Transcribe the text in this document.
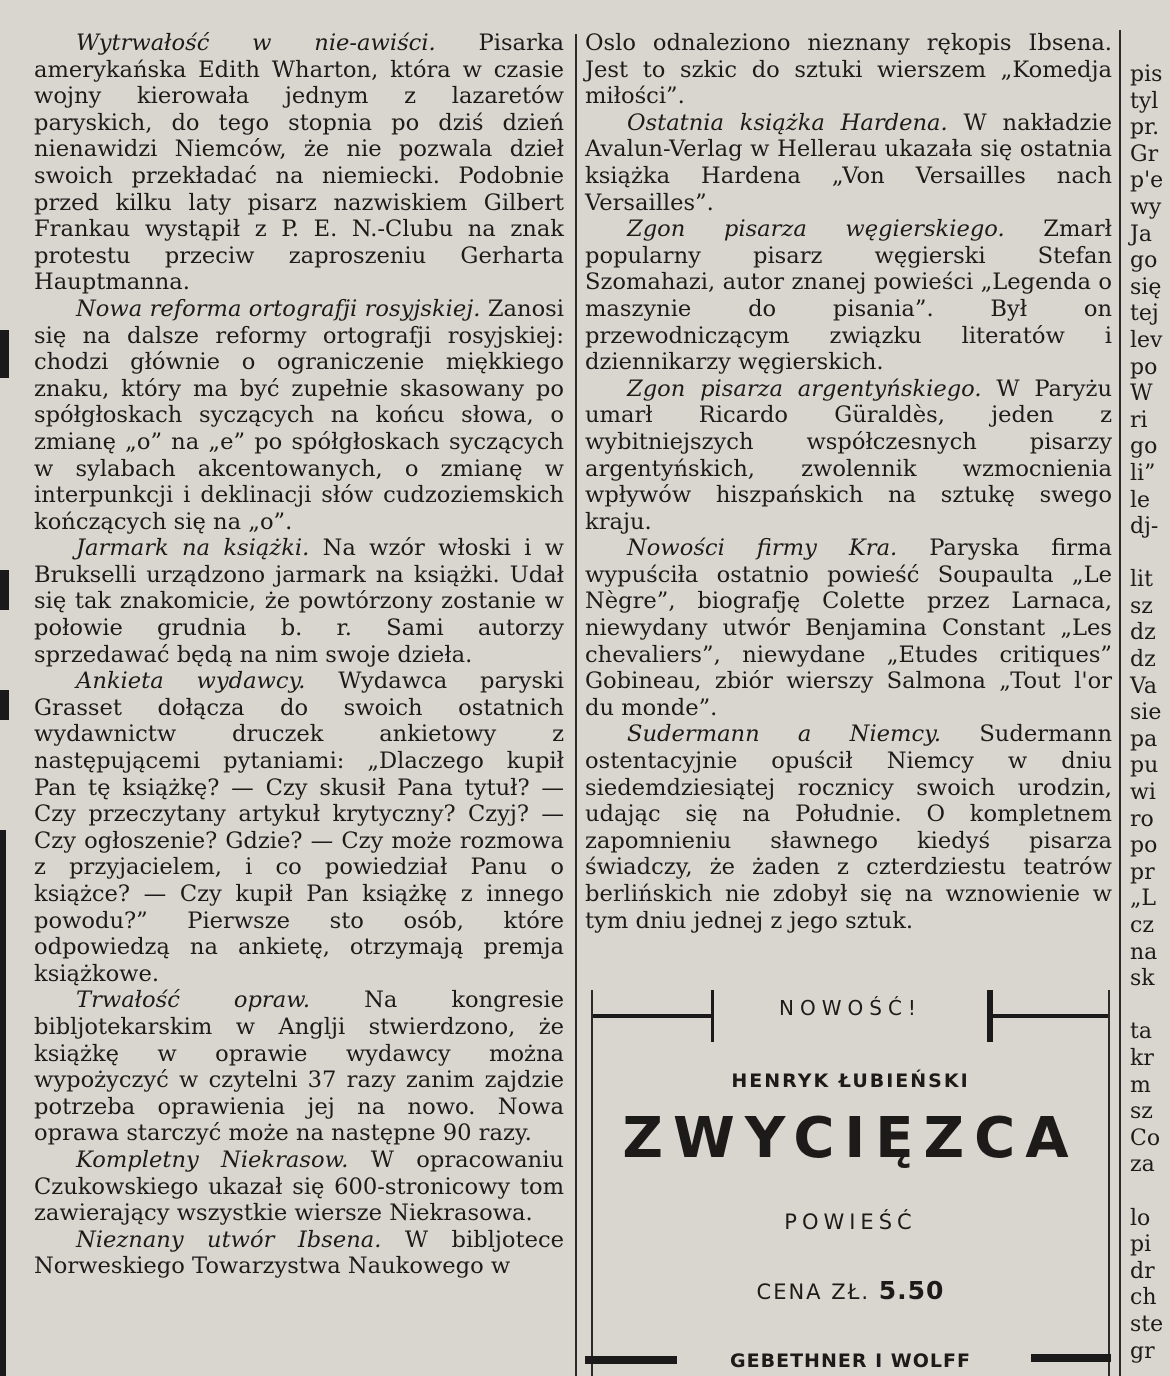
Wytrwałość w nie-awiści. Pisarka amerykańska Edith Wharton, która w czasie wojny kierowała jednym z lazaretów paryskich, do tego stopnia po dziś dzień nienawidzi Niemców, że nie pozwala dzieł swoich przekładać na niemiecki. Podobnie przed kilku laty pisarz nazwiskiem Gilbert Frankau wystąpił z P. E. N.-Clubu na znak protestu przeciw zaproszeniu Gerharta Hauptmanna.

Nowa reforma ortografji rosyjskiej. Zanosi się na dalsze reformy ortografji rosyjskiej: chodzi głównie o ograniczenie miękkiego znaku, który ma być zupełnie skasowany po spółgłoskach syczących na końcu słowa, o zmianę „o” na „e” po spółgłoskach syczących w sylabach akcentowanych, o zmianę w interpunkcji i deklinacji słów cudzoziemskich kończących się na „o”.

Jarmark na książki. Na wzór włoski i w Brukselli urządzono jarmark na książki. Udał się tak znakomicie, że powtórzony zostanie w połowie grudnia b. r. Sami autorzy sprzedawać będą na nim swoje dzieła.

Ankieta wydawcy. Wydawca paryski Grasset dołącza do swoich ostatnich wydawnictw druczek ankietowy z następującemi pytaniami: „Dlaczego kupił Pan tę książkę? — Czy skusił Pana tytuł? — Czy przeczytany artykuł krytyczny? Czyj? — Czy ogłoszenie? Gdzie? — Czy może rozmowa z przyjacielem, i co powiedział Panu o książce? — Czy kupił Pan książkę z innego powodu?” Pierwsze sto osób, które odpowiedzą na ankietę, otrzymają premja książkowe.

Trwałość opraw. Na kongresie bibljotekarskim w Anglji stwierdzono, że książkę w oprawie wydawcy można wypożyczyć w czytelni 37 razy zanim zajdzie potrzeba oprawienia jej na nowo. Nowa oprawa starczyć może na następne 90 razy.

Kompletny Niekrasow. W opracowaniu Czukowskiego ukazał się 600-stronicowy tom zawierający wszystkie wiersze Niekrasowa.

Nieznany utwór Ibsena. W bibljotece Norweskiego Towarzystwa Naukowego w

Oslo odnaleziono nieznany rękopis Ibsena. Jest to szkic do sztuki wierszem „Komedja miłości”.

Ostatnia książka Hardena. W nakładzie Avalun-Verlag w Hellerau ukazała się ostatnia książka Hardena „Von Versailles nach Versailles”.

Zgon pisarza węgierskiego. Zmarł popularny pisarz węgierski Stefan Szomahazi, autor znanej powieści „Legenda o maszynie do pisania”. Był on przewodniczącym związku literatów i dziennikarzy węgierskich.

Zgon pisarza argentyńskiego. W Paryżu umarł Ricardo Güraldès, jeden z wybitniejszych współczesnych pisarzy argentyńskich, zwolennik wzmocnienia wpływów hiszpańskich na sztukę swego kraju.

Nowości firmy Kra. Paryska firma wypuściła ostatnio powieść Soupaulta „Le Nègre”, biografję Colette przez Larnaca, niewydany utwór Benjamina Constant „Les chevaliers”, niewydane „Etudes critiques” Gobineau, zbiór wierszy Salmona „Tout l'or du monde”.

Sudermann a Niemcy. Sudermann ostentacyjnie opuścił Niemcy w dniu siedemdziesiątej rocznicy swoich urodzin, udając się na Południe. O kompletnem zapomnieniu sławnego kiedyś pisarza świadczy, że żaden z czterdziestu teatrów berlińskich nie zdobył się na wznowienie w tym dniu jednej z jego sztuk.

NOWOŚĆ!
HENRYK ŁUBIEŃSKI
ZWYCIĘZCA
POWIEŚĆ
CENA ZŁ. 5.50
GEBETHNER I WOLFF
pis
tyl
pr.
Gr
p'e
wy
Ja
go
się
tej
lev
po
W
ri
go
li”
le
dj-

lit
sz
dz
dz
Va
sie
pa
pu
wi
ro
po
pr
„L
cz
na
sk

ta
kr
m
sz
Co
za

lo
pi
dr
ch
ste
gr
